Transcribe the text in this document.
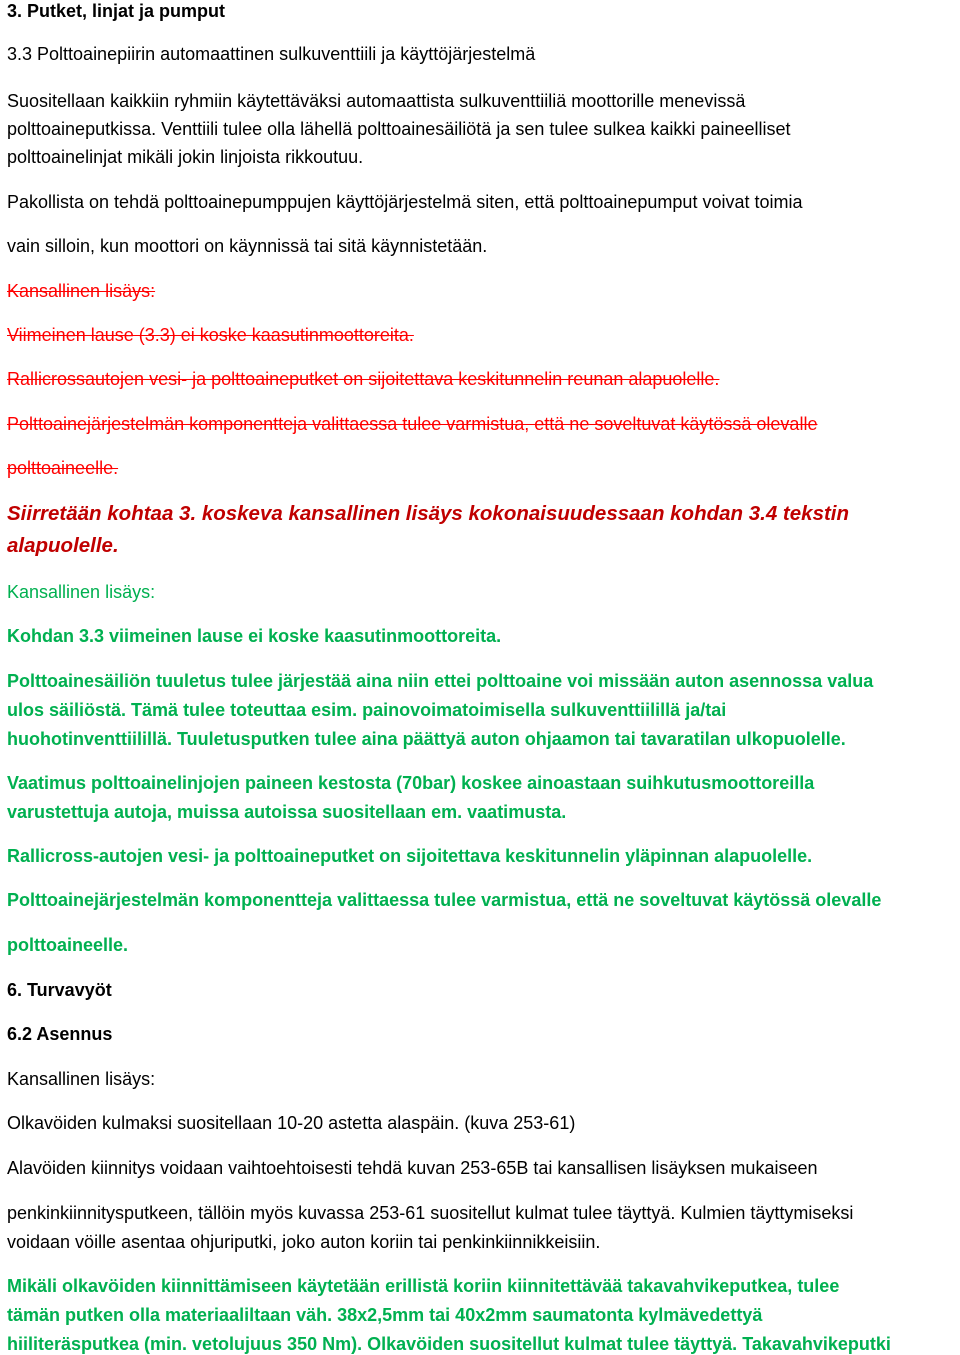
3. Putket, linjat ja pumput
3.3 Polttoainepiirin automaattinen sulkuventtiili ja käyttöjärjestelmä
Suositellaan kaikkiin ryhmiin käytettäväksi automaattista sulkuventtiiliä moottorille menevissä
polttoaineputkissa. Venttiili tulee olla lähellä polttoainesäiliötä ja sen tulee sulkea kaikki paineelliset
polttoainelinjat mikäli jokin linjoista rikkoutuu.
Pakollista on tehdä polttoainepumppujen käyttöjärjestelmä siten, että polttoainepumput voivat toimia
vain silloin, kun moottori on käynnissä tai sitä käynnistetään.
Kansallinen lisäys:
Viimeinen lause (3.3) ei koske kaasutinmoottoreita.
Rallicrossautojen vesi- ja polttoaineputket on sijoitettava keskitunnelin reunan alapuolelle.
Polttoainejärjestelmän komponentteja valittaessa tulee varmistua, että ne soveltuvat käytössä olevalle
polttoaineelle.
Siirretään kohtaa 3. koskeva kansallinen lisäys kokonaisuudessaan kohdan 3.4 tekstin
alapuolelle.
Kansallinen lisäys:
Kohdan 3.3 viimeinen lause ei koske kaasutinmoottoreita.
Polttoainesäiliön tuuletus tulee järjestää aina niin ettei polttoaine voi missään auton asennossa valua
ulos säiliöstä. Tämä tulee toteuttaa esim. painovoimatoimisella sulkuventtiilillä ja/tai
huohotinventtiilillä. Tuuletusputken tulee aina päättyä auton ohjaamon tai tavaratilan ulkopuolelle.
Vaatimus polttoainelinjojen paineen kestosta (70bar) koskee ainoastaan suihkutusmoottoreilla
varustettuja autoja, muissa autoissa suositellaan em. vaatimusta.
Rallicross-autojen vesi- ja polttoaineputket on sijoitettava keskitunnelin yläpinnan alapuolelle.
Polttoainejärjestelmän komponentteja valittaessa tulee varmistua, että ne soveltuvat käytössä olevalle
polttoaineelle.
6. Turvavyöt
6.2 Asennus
Kansallinen lisäys:
Olkavöiden kulmaksi suositellaan 10-20 astetta alaspäin. (kuva 253-61)
Alavöiden kiinnitys voidaan vaihtoehtoisesti tehdä kuvan 253-65B tai kansallisen lisäyksen mukaiseen
penkinkiinnitysputkeen, tällöin myös kuvassa 253-61 suositellut kulmat tulee täyttyä. Kulmien täyttymiseksi
voidaan vöille asentaa ohjuriputki, joko auton koriin tai penkinkiinnikkeisiin.
Mikäli olkavöiden kiinnittämiseen käytetään erillistä koriin kiinnitettävää takavahvikeputkea, tulee
tämän putken olla materiaaliltaan väh. 38x2,5mm tai 40x2mm saumatonta kylmävedettyä
hiiliteräsputkea (min. vetolujuus 350 Nm). Olkavöiden suositellut kulmat tulee täyttyä. Takavahvikeputki
